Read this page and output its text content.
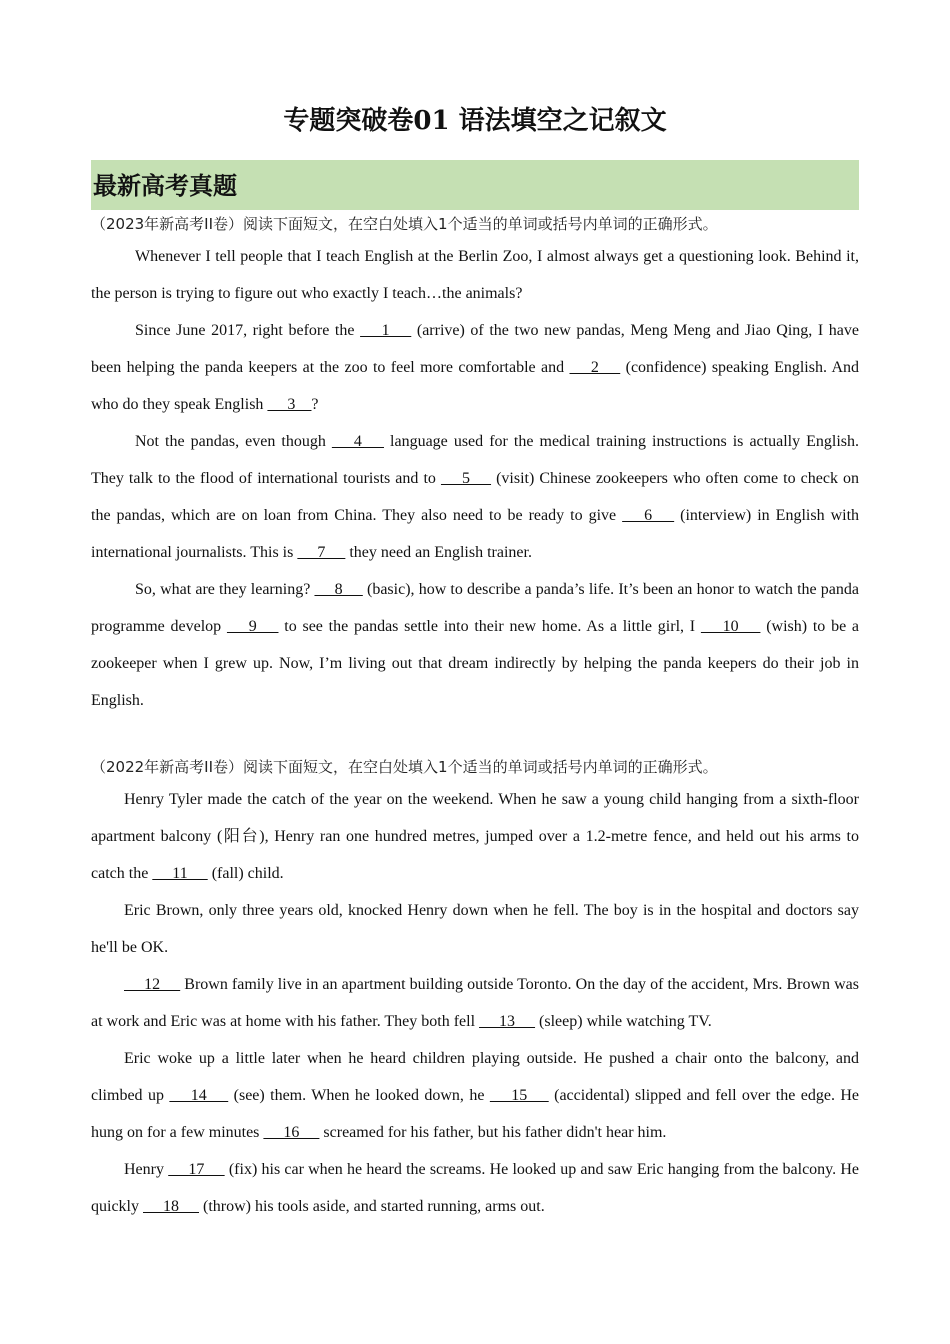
专题突破卷01 语法填空之记叙文
最新高考真题

（2023年新高考II卷）阅读下面短文，在空白处填入1个适当的单词或括号内单词的正确形式。

Whenever I tell people that I teach English at the Berlin Zoo, I almost always get a questioning look. Behind it, the person is trying to figure out who exactly I teach…the animals?

Since June 2017, right before the  __1__  (arrive) of the two new pandas, Meng Meng and Jiao Qing, I have been helping the panda keepers at the zoo to feel more comfortable and  __2__  (confidence) speaking English. And who do they speak English  __3__?

Not the pandas, even though  __4__  language used for the medical training instructions is actually English. They talk to the flood of international tourists and to  __5__  (visit) Chinese zookeepers who often come to check on the pandas, which are on loan from China. They also need to be ready to give  __6__  (interview) in English with international journalists. This is  __7__  they need an English trainer.

So, what are they learning?  __8__  (basic), how to describe a panda’s life. It’s been an honor to watch the panda programme develop  __9__  to see the pandas settle into their new home. As a little girl, I  __10__  (wish) to be a zookeeper when I grew up. Now, I’m living out that dream indirectly by helping the panda keepers do their job in English.

（2022年新高考II卷）阅读下面短文，在空白处填入1个适当的单词或括号内单词的正确形式。

Henry Tyler made the catch of the year on the weekend. When he saw a young child hanging from a sixth-floor apartment balcony (阳台), Henry ran one hundred metres, jumped over a 1.2-metre fence, and held out his arms to catch the  __11__  (fall) child.

Eric Brown, only three years old, knocked Henry down when he fell. The boy is in the hospital and doctors say he'll be OK.

__12__  Brown family live in an apartment building outside Toronto. On the day of the accident, Mrs. Brown was at work and Eric was at home with his father. They both fell  __13__  (sleep) while watching TV.

Eric woke up a little later when he heard children playing outside. He pushed a chair onto the balcony, and climbed up  __14__  (see) them. When he looked down, he  __15__  (accidental) slipped and fell over the edge. He hung on for a few minutes  __16__  screamed for his father, but his father didn't hear him.

Henry  __17__  (fix) his car when he heard the screams. He looked up and saw Eric hanging from the balcony. He quickly  __18__  (throw) his tools aside, and started running, arms out.
